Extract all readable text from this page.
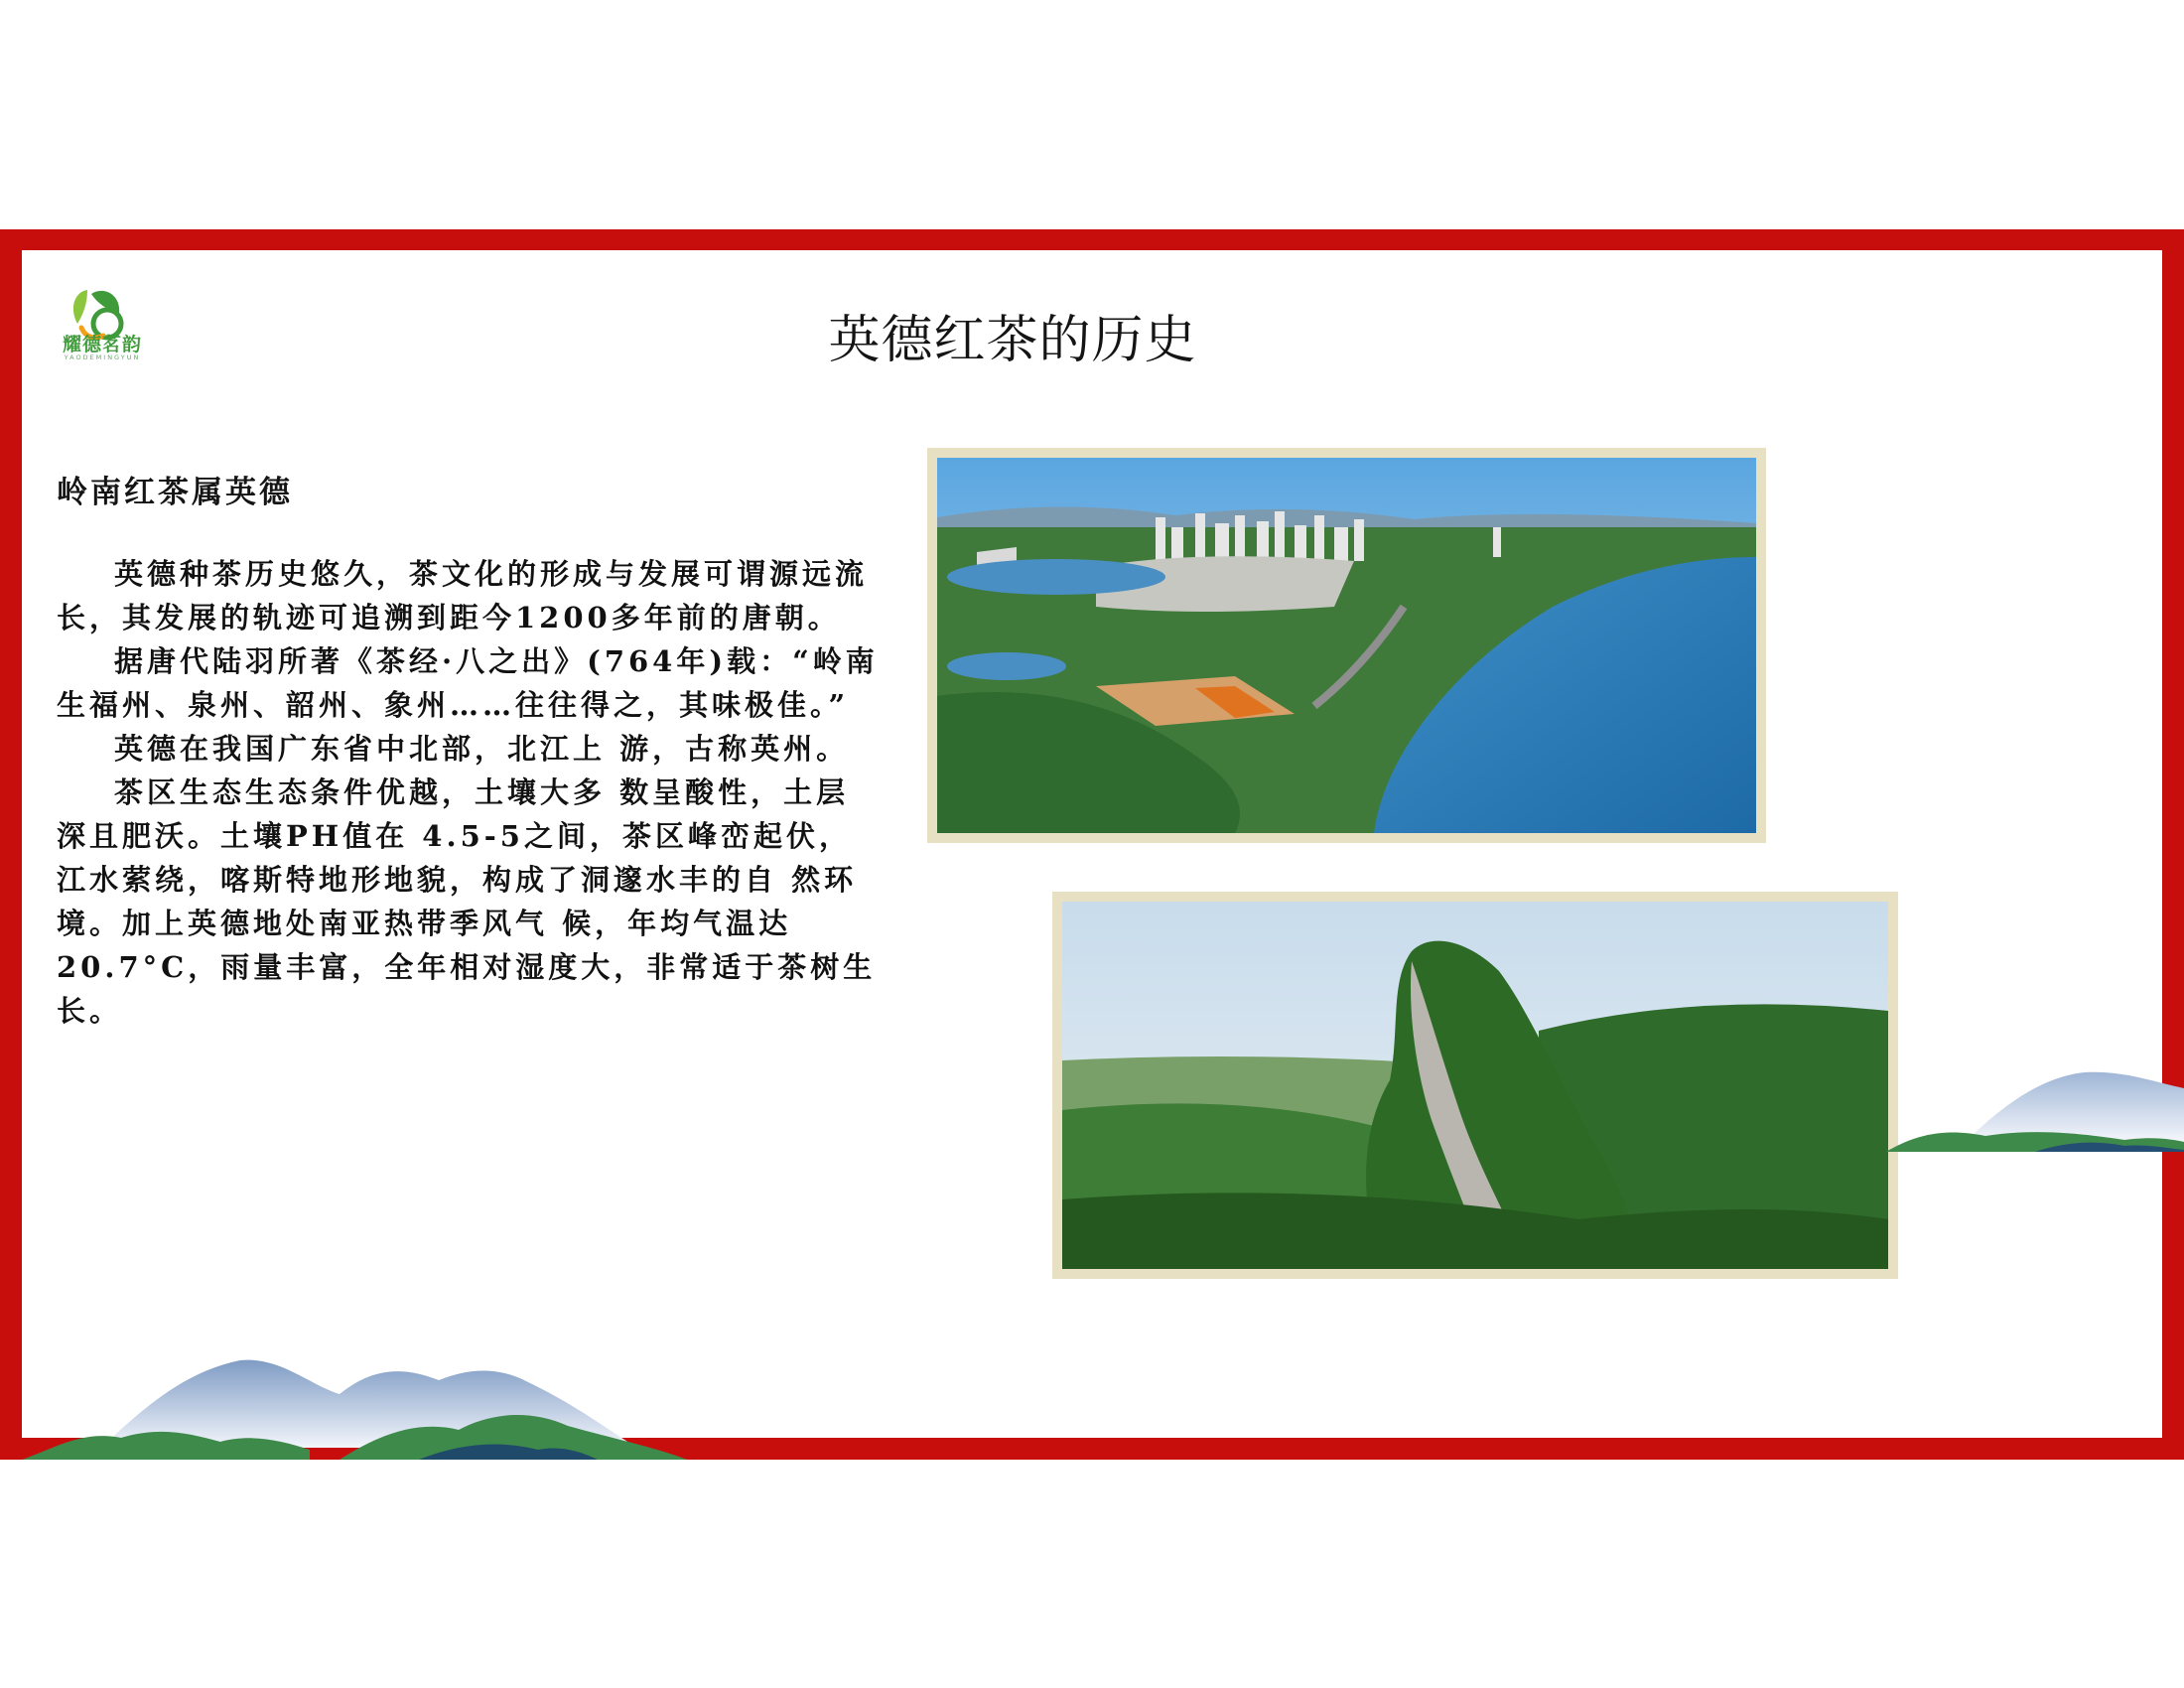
耀德茗韵
YAODEMINGYUN	英德红茶的历史
岭南红茶属英德

英德种茶历史悠久，茶文化的形成与发展可谓源远流长，其发展的轨迹可追溯到距今1200多年前的唐朝。

据唐代陆羽所著《茶经·八之出》(764年)载：“岭南生福州、泉州、韶州、象州……往往得之，其味极佳。”

英德在我国广东省中北部，北江上 游，古称英州。

茶区生态生态条件优越，土壤大多 数呈酸性，土层深且肥沃。土壤PH值在 4.5-5之间，茶区峰峦起伏，江水萦绕，喀斯特地形地貌，构成了洞邃水丰的自 然环境。加上英德地处南亚热带季风气 候，年均气温达20.7°C，雨量丰富，全年相对湿度大，非常适于茶树生长。
